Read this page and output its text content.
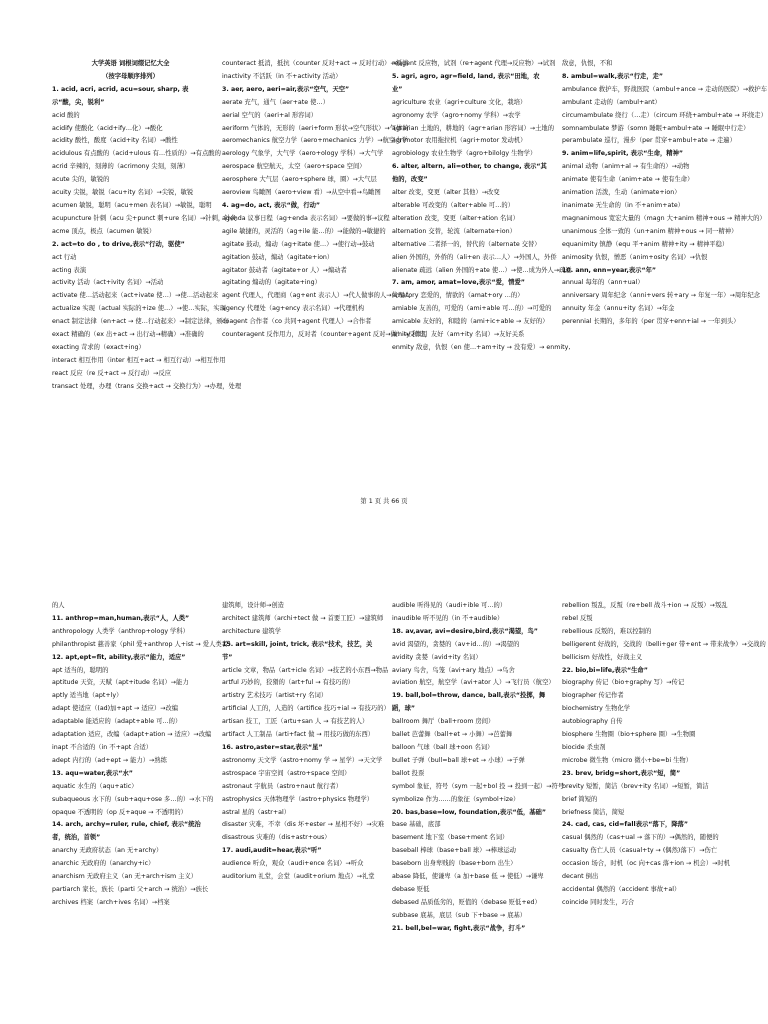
大学英语 词根词缀记忆大全
（按字母顺序排列）
1. acid, acri, acrid, acu=sour, sharp, 表示“酸，尖，锐利”
acid 酸的
acidify 使酸化（acid+ify…化）→酸化
acidity 酸性，酸度（acid+ity 名词）→酸性
acidulous 有点酸的（acid+ulous 有…性质的）→有点酸的
acrid 辛辣的，刻薄的（acrimony 尖刻，刻薄）
acute 尖的，敏锐的
acuity 尖锐，敏锐（acu+ity 名词）→尖锐，敏锐
acumen 敏锐，聪明（acu+men 表名词）→敏锐，聪明
acupuncture 针刺（acu 尖+punct 刺+ure 名词）→针刺，针灸
acme 顶点，极点（acumen 敏锐）
2. act=to do , to drive,表示“行动，驱使”
act 行动
acting 表演
activity 活动（act+ivity 名词）→活动
activate 使…活动起来（act+ivate 使…）→使…活动起来
actualize 实现（actual 实际的+ize 使…）→使…实际，实现
enact 制定法律（en+act → 使…行动起来）→制定法律，颁布
exact 精确的（ex 出+act → 出行动→精确）→准确的
exacting 苛求的（exact+ing）
interact 相互作用（inter 相互+act → 相互行动）→相互作用
react 反应（re 反+act → 反行动）→反应
transact 处理，办理（trans 交换+act → 交换行为）→办理，处理
counteract 抵消，抵抗（counter 反对+act → 反对行动）→抵消
inactivity 不活跃（in 不+activity 活动）
3. aer, aero, aeri=air,表示“空气，天空”
aerate 充气，通气（aer+ate 使…）
aerial 空气的（aeri+al 形容词）
aeriform 气体的，无形的（aeri+form 形状→空气形状）→气体的
aeromechanics 航空力学（aero+mechanics 力学）→航空力学
aerology 气象学，大气学（aero+ology 学科）→大气学
aerospace 航空航天，太空（aero+space 空间）
aerosphere 大气层（aero+sphere 球，圈）→大气层
aeroview 鸟瞰图（aero+view 看）→从空中看→鸟瞰图
4. ag=do, act, 表示“做，行动”
agenda 议事日程（ag+enda 表示名词）→要做的事→议程
agile 敏捷的，灵活的（ag+ile 能…的）→能做的→敏捷的
agitate 鼓动，煽动（ag+itate 使…）→使行动→鼓动
agitation 鼓动，煽动（agitate+ion）
agitator 鼓动者（agitate+or 人）→煽动者
agitating 煽动的（agitate+ing）
agent 代理人，代理商（ag+ent 表示人）→代人做事的人→代理人
agency 代理处（ag+ency 表示名词）→代理机构
coagent 合作者（co 共同+agent 代理人）→合作者
counteragent 反作用力，反对者（counter+agent 反对→做）→反作用
reagent 反应物，试剂（re+agent 代理→反应物）→试剂
5. agri, agro, agr=field, land, 表示“田地，农业”
agriculture 农业（agri+culture 文化，栽培）
agronomy 农学（agro+nomy 学科）→农学
agrarian 土地的，耕地的（agr+arian 形容词）→土地的
agrimotor 农用拖拉机（agri+motor 发动机）
agrobiology 农业生物学（agro+bilolgy 生物学）
6. alter, altern, ali=other, to change, 表示“其他的，改变”
alter 改变，变更（alter 其他）→改变
alterable 可改变的（alter+able 可…的）
alteration 改变，变更（alter+ation 名词）
alternation 交替，轮流（alternate+ion）
alternative 二者择一的，替代的（alternate 交替）
alien 外国的，外侨的（ali+en 表示…人）→外国人，外侨
alienate 疏远（alien 外国的+ate 使…）→使…成为外人→疏远
7. am, amor, amat=love,表示“爱，情爱”
amatory 恋爱的，情欲的（amat+ory …的）
amiable 友善的，可爱的（ami+able 可…的）→可爱的
amicable 友好的，和睦的（ami+ic+able → 友好的）
amity 和睦，友好（am+ity 名词）→友好关系
enmity 敌意，仇恨（en 使…+am+ity → 没有爱）→ enmity,
敌意，仇恨，不和
8. ambul=walk,表示“行走，走”
ambulance 救护车，野战医院（ambul+ance → 走动的医院）→救护车
ambulant 走动的（ambul+ant）
circumambulate 绕行（…走）（circum 环绕+ambul+ate → 环绕走）
somnambulate 梦游（somn 睡眠+ambul+ate → 睡眠中行走）
perambulate 巡行，漫步（per 贯穿+ambul+ate → 走遍）
9. anim=life,spirit, 表示“生命，精神”
animal 动物（anim+al → 有生命的）→动物
animate 使有生命（anim+ate → 使有生命）
animation 活泼，生动（animate+ion）
inanimate 无生命的（in 不+anim+ate）
magnanimous 宽宏大量的（magn 大+anim 精神+ous → 精神大的）
unanimous 全体一致的（un+anim 精神+ous → 同一精神）
equanimity 镇静（equ 平+anim 精神+ity → 精神平稳）
animosity 仇恨，憎恶（anim+osity 名词）→仇恨
10. ann, enn=year,表示“年”
annual 每年的（ann+ual）
anniversary 周年纪念（anni+vers 转+ary → 年复一年）→周年纪念
annuity 年金（annu+ity 名词）→年金
perennial 长期的，多年的（per 贯穿+enn+ial → 一年到头）
第 1 页 共 66 页
的人
11. anthrop=man,human,表示“人，人类”
anthropology 人类学（anthrop+ology 学科）
philanthropist 慈善家（phil 爱+anthrop 人+ist → 爱人类者）
12. apt,ept=fit, ability,表示“能力，适应”
apt 适当的，聪明的
aptitude 天资，天赋（apt+itude 名词）→能力
aptly 适当地（apt+ly）
adapt 使适应（(ad)加+apt → 适应）→改编
adaptable 能适应的（adapt+able 可…的）
adaptation 适应，改编（adapt+ation → 适应）→改编
inapt 不合适的（in 不+apt 合适）
adept 内行的（ad+ept → 能力）→熟练
13. aqu=water,表示“水”
aquatic 水生的（aqu+atic）
subaqueous 水下的（sub+aqu+ose 多…的）→水下的
opaque 不透明的（op 反+aque → 不透明的）
14. arch, archy=ruler, rule, chief, 表示“统治者，统治，首领”
anarchy 无政府状态（an 无+archy）
anarchic 无政府的（anarchy+ic）
anarchism 无政府主义（an 无+arch+ism 主义）
partiarch 家长，族长（parti 父+arch → 统治）→族长
archives 档案（arch+ives 名词）→档案
建筑师，设计师→创造
architect 建筑师（archi+tect 做 → 首要工匠）→建筑师
architecture 建筑学
15. art=skill, joint, trick, 表示“技术，技艺，关节”
article 文章，物品（art+icle 名词）→技艺的小东西→物品
artful 巧妙的，狡猾的（art+ful → 有技巧的）
artistry 艺术技巧（artist+ry 名词）
artificial 人工的，人造的（artifice 技巧+ial → 有技巧的）
artisan 技工，工匠（artu+san 人 → 有技艺的人）
artifact 人工制品（arti+fact 做 → 用技巧做的东西）
16. astro,aster=star,表示“星”
astronomy 天文学（astro+nomy 学 → 星学）→天文学
astrospace 宇宙空间（astro+space 空间）
astronaut 宇航员（astro+naut 航行者）
astrophysics 天体物理学（astro+physics 物理学）
astral 星的（astr+al）
disaster 灾难，不幸（dis 坏+ester → 星相不好）→灾难
disastrous 灾难的（dis+astr+ous）
17. audi,audit=hear,表示“听”
audience 听众，观众（audi+ence 名词）→听众
auditorium 礼堂，会堂（audit+orium 地点）→礼堂
audible 听得见的（audi+ible 可…的）
inaudible 听不见的（in 不+audible）
18. av,avar, avi=desire,bird,表示“渴望，鸟”
avid 渴望的，贪婪的（av+id…的）→渴望的
avidity 贪婪（avid+ity 名词）
aviary 鸟舍，鸟笼（avi+ary 地点）→鸟舍
aviation 航空，航空学（avi+ator 人）→飞行员（航空）
19. ball,bol=throw, dance, ball,表示“投掷，舞蹈，球”
ballroom 舞厅（ball+room 房间）
ballet 芭蕾舞（ball+et → 小舞）→芭蕾舞
balloon 气球（ball 球+oon 名词）
bullet 子弹（bull=ball 球+et → 小球）→子弹
ballot 投票
symbol 象征，符号（sym 一起+bol 投 → 投到一起）→符号
symbolize 作为……的象征（symbol+ize）
20. bas,base=low, foundation,表示“低，基础”
base 基础，底部
basement 地下室（base+ment 名词）
baseball 棒球（base+ball 球）→棒球运动
baseborn 出身卑贱的（base+born 出生）
abase 降低，使谦卑（a 加+base 低 → 使低）→谦卑
debase 贬低
debased 品质低劣的，贬值的（debase 贬低+ed）
subbase 底基，底层（sub 下+base → 底基）
21. bell,bel=war, fight,表示“战争，打斗”
rebellion 叛乱，反叛（re+bell 战斗+ion → 反叛）→叛乱
rebel 反叛
rebellious 反叛的，难以控制的
belligerent 好战的，交战的（belli+ger 带+ent → 带来战争）→交战的
bellicism 好战性，好战主义
22. bio,bi=life,表示“生命”
biography 传记（bio+graphy 写）→传记
biographer 传记作者
biochemistry 生物化学
autobiography 自传
biosphere 生物圈（bio+sphere 圈）→生物圈
biocide 杀虫剂
microbe 微生物（micro 微小+be=bi 生物）
23. brev, bridg=short,表示“短，简”
brevity 短暂，简洁（brev+ity 名词）→短暂，简洁
brief 简短的
briefness 简洁，简短
24. cad, cas, cid=fall表示“落下，降落”
casual 偶然的（cas+ual → 落下的）→偶然的，随便的
casualty 伤亡人员（casual+ty → (偶然)落下）→伤亡
occasion 场合，时机（oc 向+cas 落+ion → 机会）→时机
decant 倒出
accidental 偶然的（accident 事故+al）
coincide 同时发生，巧合
